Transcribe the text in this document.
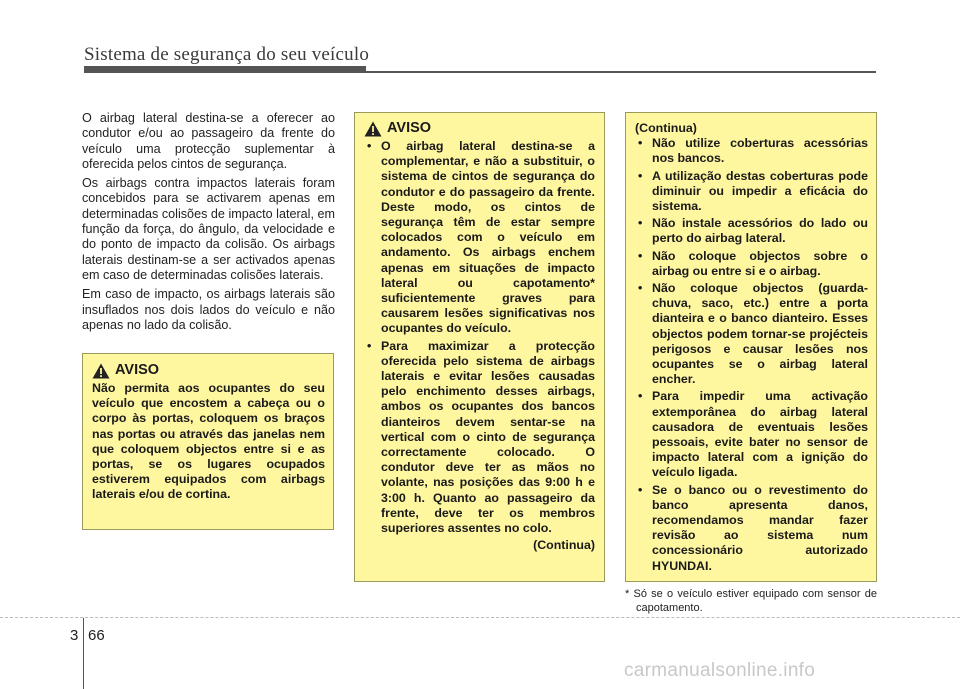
Sistema de segurança do seu veículo

O airbag lateral destina-se a oferecer ao condutor e/ou ao passageiro da frente do veículo uma protecção suplementar à oferecida pelos cintos de segurança.

Os airbags contra impactos laterais foram concebidos para se activarem apenas em determinadas colisões de impacto lateral, em função da força, do ângulo, da velocidade e do ponto de impacto da colisão. Os airbags laterais destinam-se a ser activados apenas em caso de determinadas colisões laterais.

Em caso de impacto, os airbags laterais são insuflados nos dois lados do veículo e não apenas no lado da colisão.

AVISO
Não permita aos ocupantes do seu veículo que encostem a cabeça ou o corpo às portas, coloquem os braços nas portas ou através das janelas nem que coloquem objectos entre si e as portas, se os lugares ocupados estiverem equipados com airbags laterais e/ou de cortina.
AVISO
• O airbag lateral destina-se a complementar, e não a substituir, o sistema de cintos de segurança do condutor e do passageiro da frente. Deste modo, os cintos de segurança têm de estar sempre colocados com o veículo em andamento. Os airbags enchem apenas em situações de impacto lateral ou capotamento* suficientemente graves para causarem lesões significativas nos ocupantes do veículo.
• Para maximizar a protecção oferecida pelo sistema de airbags laterais e evitar lesões causadas pelo enchimento desses airbags, ambos os ocupantes dos bancos dianteiros devem sentar-se na vertical com o cinto de segurança correctamente colocado. O condutor deve ter as mãos no volante, nas posições das 9:00 h e 3:00 h. Quanto ao passageiro da frente, deve ter os membros superiores assentes no colo.
(Continua)
(Continua)
• Não utilize coberturas acessórias nos bancos.
• A utilização destas coberturas pode diminuir ou impedir a eficácia do sistema.
• Não instale acessórios do lado ou perto do airbag lateral.
• Não coloque objectos sobre o airbag ou entre si e o airbag.
• Não coloque objectos (guarda-chuva, saco, etc.) entre a porta dianteira e o banco dianteiro. Esses objectos podem tornar-se projécteis perigosos e causar lesões nos ocupantes se o airbag lateral encher.
• Para impedir uma activação extemporânea do airbag lateral causadora de eventuais lesões pessoais, evite bater no sensor de impacto lateral com a ignição do veículo ligada.
• Se o banco ou o revestimento do banco apresenta danos, recomendamos mandar fazer revisão ao sistema num concessionário autorizado HYUNDAI.
* Só se o veículo estiver equipado com sensor de capotamento.
3 66
carmanualsonline.info
